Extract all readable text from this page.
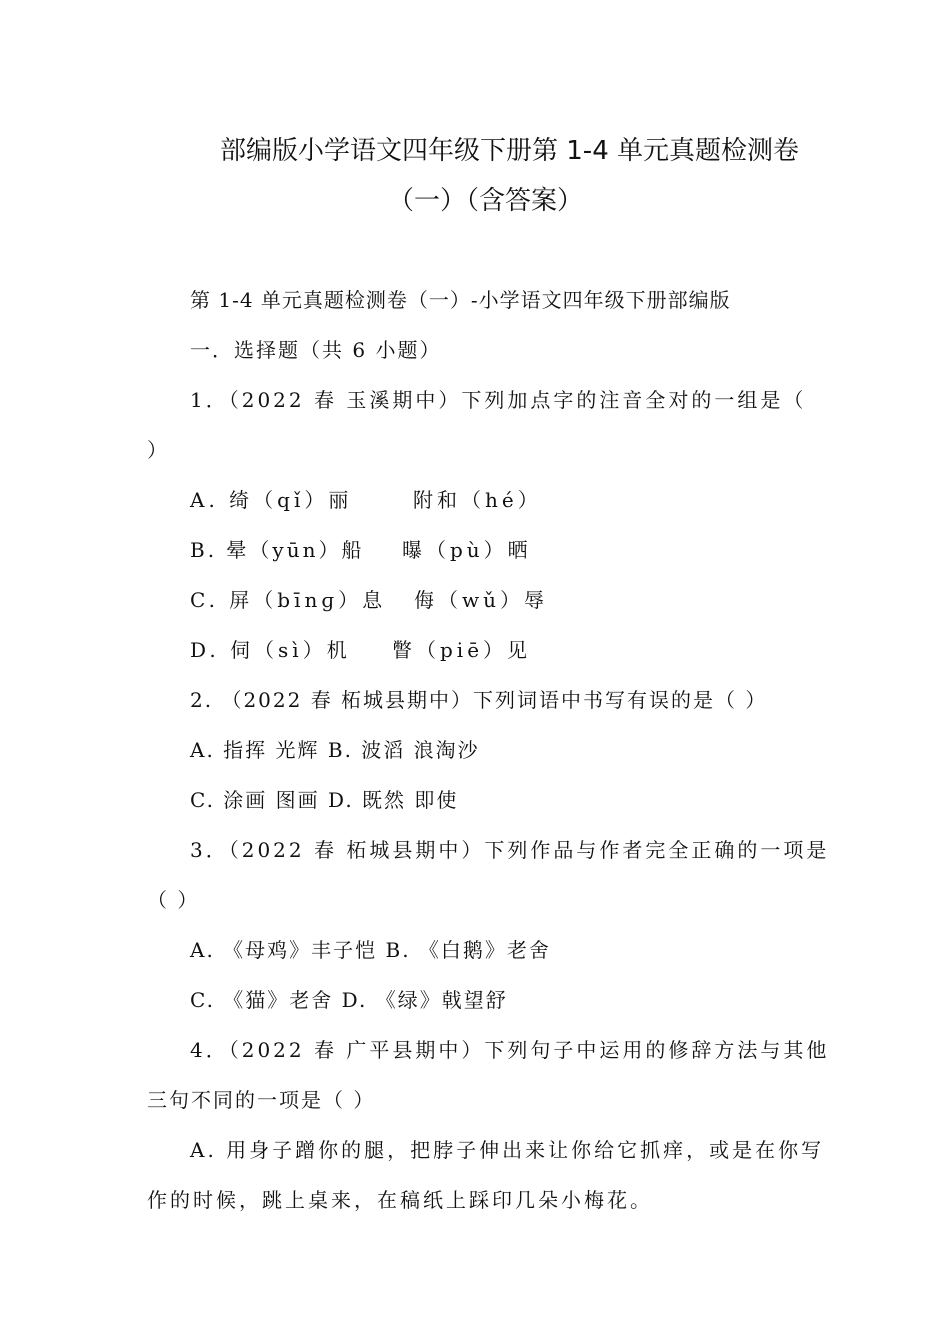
部编版小学语文四年级下册第 1-4 单元真题检测卷
（一）（含答案）
第 1-4 单元真题检测卷（一）-小学语文四年级下册部编版
一．选择题（共 6 小题）
1．（2022 春 玉溪期中）下列加点字的注音全对的一组是（
）
A. 绮（qǐ）丽	附和（hé）
B. 晕（yūn）船 曝（pù）晒
C. 屏（bīnɡ）息 侮（wǔ）辱
D. 伺（sì）机 瞥（piē）见
2. （2022 春 柘城县期中）下列词语中书写有误的是（ ）
A. 指挥 光辉 B. 波滔 浪淘沙
C. 涂画 图画 D. 既然 即使
3．（2022 春 柘城县期中）下列作品与作者完全正确的一项是
（ ）
A. 《母鸡》丰子恺 B. 《白鹅》老舍
C. 《猫》老舍 D. 《绿》戟望舒
4．（2022 春 广平县期中）下列句子中运用的修辞方法与其他
三句不同的一项是（ ）
A. 用身子蹭你的腿，把脖子伸出来让你给它抓痒，或是在你写
作的时候，跳上桌来，在稿纸上踩印几朵小梅花。
